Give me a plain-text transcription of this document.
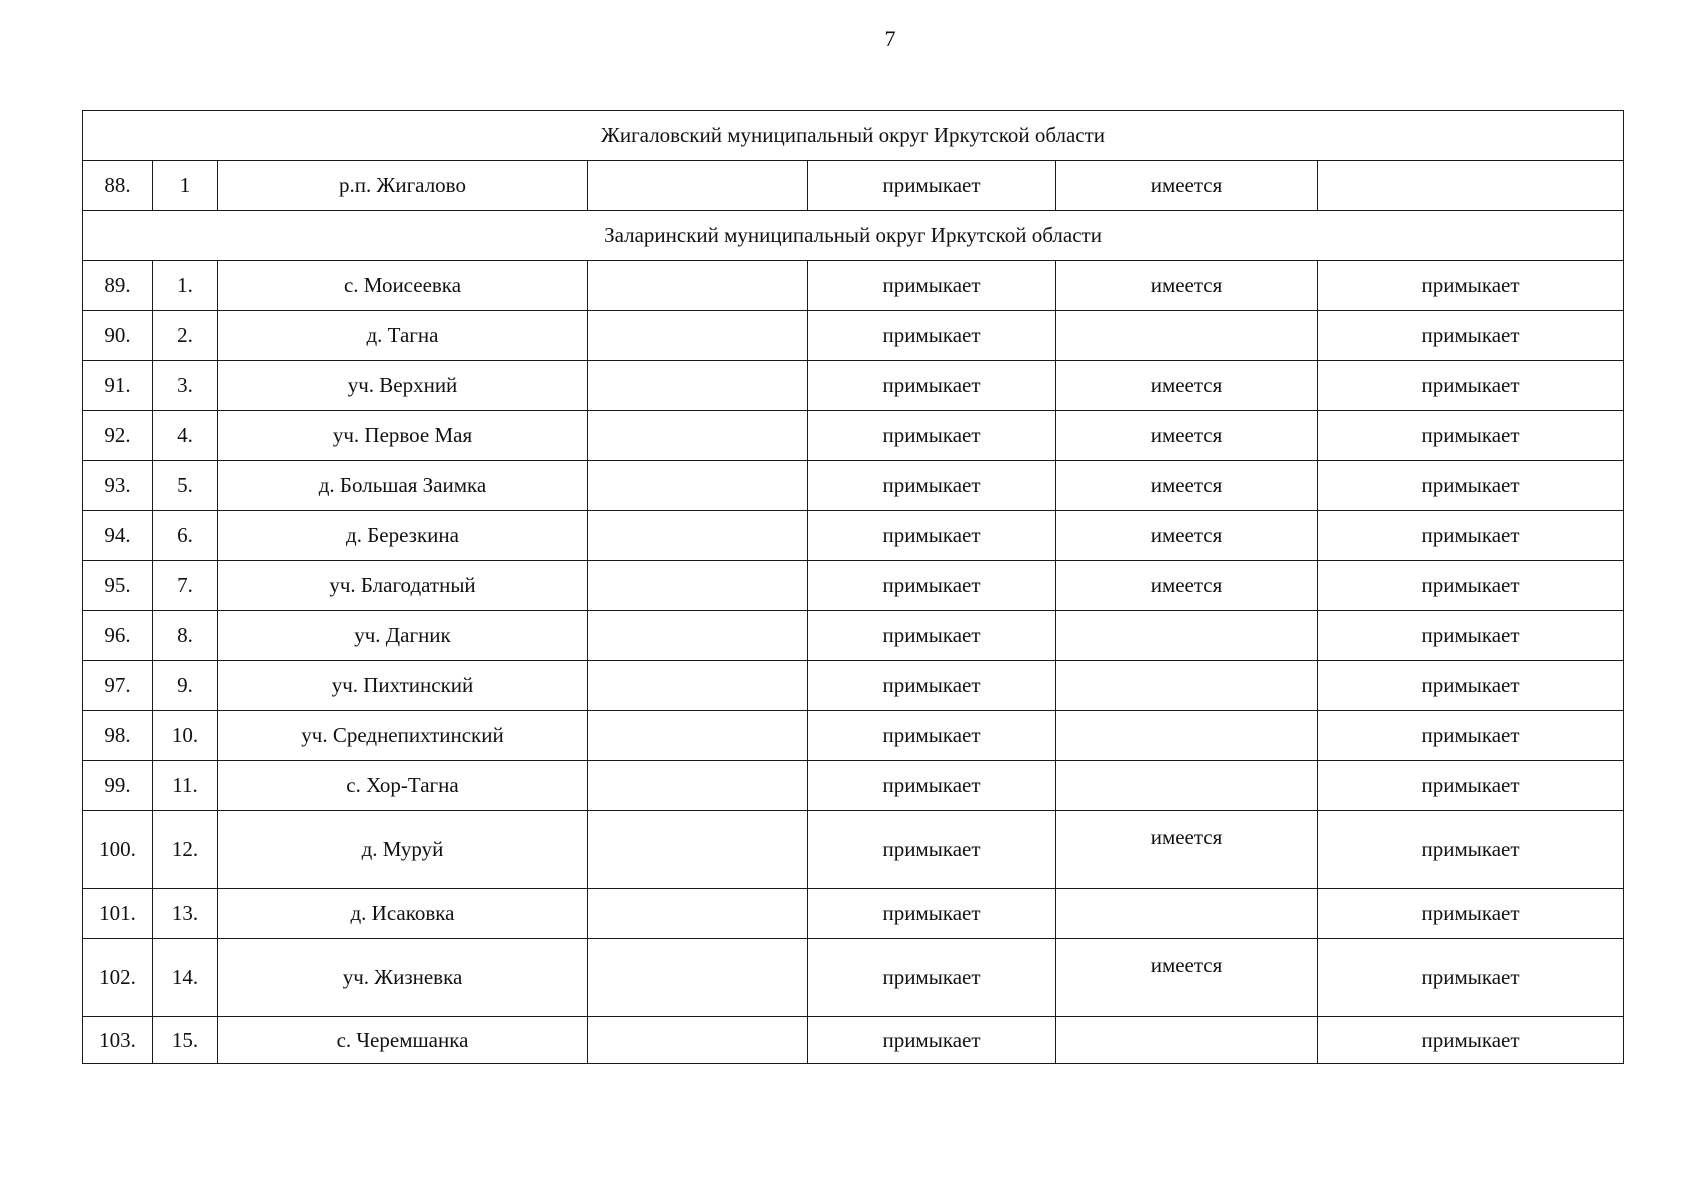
7
Жигаловский муниципальный округ Иркутской области						
88.	1	р.п. Жигалово		примыкает	имеется	
Заларинский муниципальный округ Иркутской области						
89.	1.	с. Моисеевка		примыкает	имеется	примыкает
90.	2.	д. Тагна		примыкает		примыкает
91.	3.	уч. Верхний		примыкает	имеется	примыкает
92.	4.	уч. Первое Мая		примыкает	имеется	примыкает
93.	5.	д. Большая Заимка		примыкает	имеется	примыкает
94.	6.	д. Березкина		примыкает	имеется	примыкает
95.	7.	уч. Благодатный		примыкает	имеется	примыкает
96.	8.	уч. Дагник		примыкает		примыкает
97.	9.	уч. Пихтинский		примыкает		примыкает
98.	10.	уч. Среднепихтинский		примыкает		примыкает
99.	11.	с. Хор-Тагна		примыкает		примыкает
100.	12.	д. Муруй		примыкает	имеется	примыкает
101.	13.	д. Исаковка		примыкает		примыкает
102.	14.	уч. Жизневка		примыкает	имеется	примыкает
103.	15.	с. Черемшанка		примыкает		примыкает
